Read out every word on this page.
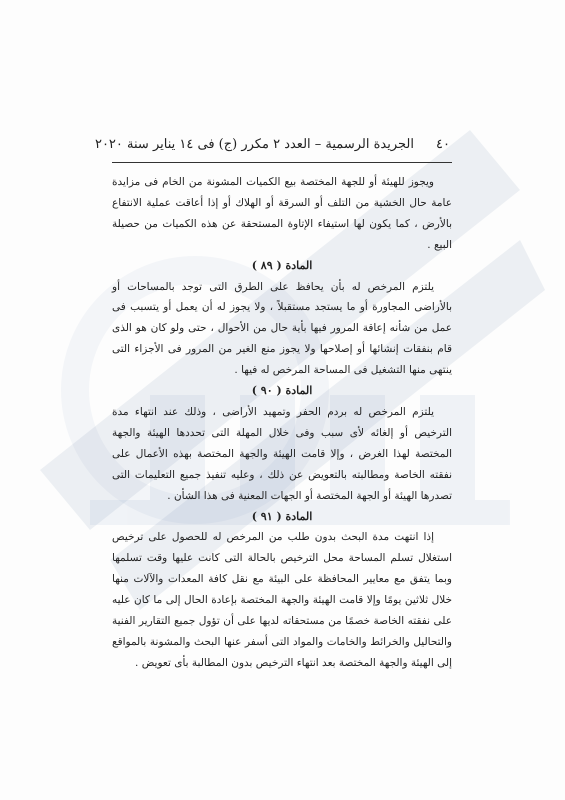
٤٠
الجريدة الرسمية – العدد ٢ مكرر (ج) فى ١٤ يناير سنة ٢٠٢٠

ويجوز للهيئة أو للجهة المختصة بيع الكميات المشونة من الخام فى مزايدة عامة حال الخشية من التلف أو السرقة أو الهلاك أو إذا أعاقت عملية الانتفاع بالأرض ، كما يكون لها استيفاء الإتاوة المستحقة عن هذه الكميات من حصيلة البيع .

المادة ( ٨٩ )

يلتزم المرخص له بأن يحافظ على الطرق التى توجد بالمساحات أو بالأراضى المجاورة أو ما يستجد مستقبلاً ، ولا يجوز له أن يعمل أو يتسبب فى عمل من شأنه إعاقة المرور فيها بأية حال من الأحوال ، حتى ولو كان هو الذى قام بنفقات إنشائها أو إصلاحها ولا يجوز منع الغير من المرور فى الأجزاء التى ينتهى منها التشغيل فى المساحة المرخص له فيها .

المادة ( ٩٠ )

يلتزم المرخص له بردم الحفر وتمهيد الأراضى ، وذلك عند انتهاء مدة الترخيص أو إلغائه لأى سبب وفى خلال المهلة التى تحددها الهيئة والجهة المختصة لهذا الغرض ، وإلا قامت الهيئة والجهة المختصة بهذه الأعمال على نفقته الخاصة ومطالبته بالتعويض عن ذلك ، وعليه تنفيذ جميع التعليمات التى تصدرها الهيئة أو الجهة المختصة أو الجهات المعنية فى هذا الشأن .

المادة ( ٩١ )

إذا انتهت مدة البحث بدون طلب من المرخص له للحصول على ترخيص استغلال تسلم المساحة محل الترخيص بالحالة التى كانت عليها وقت تسلمها وبما يتفق مع معايير المحافظة على البيئة مع نقل كافة المعدات والآلات منها خلال ثلاثين يومًا وإلا قامت الهيئة والجهة المختصة بإعادة الحال إلى ما كان عليه على نفقته الخاصة خصمًا من مستحقاته لديها على أن تؤول جميع التقارير الفنية والتحاليل والخرائط والخامات والمواد التى أسفر عنها البحث والمشونة بالمواقع إلى الهيئة والجهة المختصة بعد انتهاء الترخيص بدون المطالبة بأى تعويض .
